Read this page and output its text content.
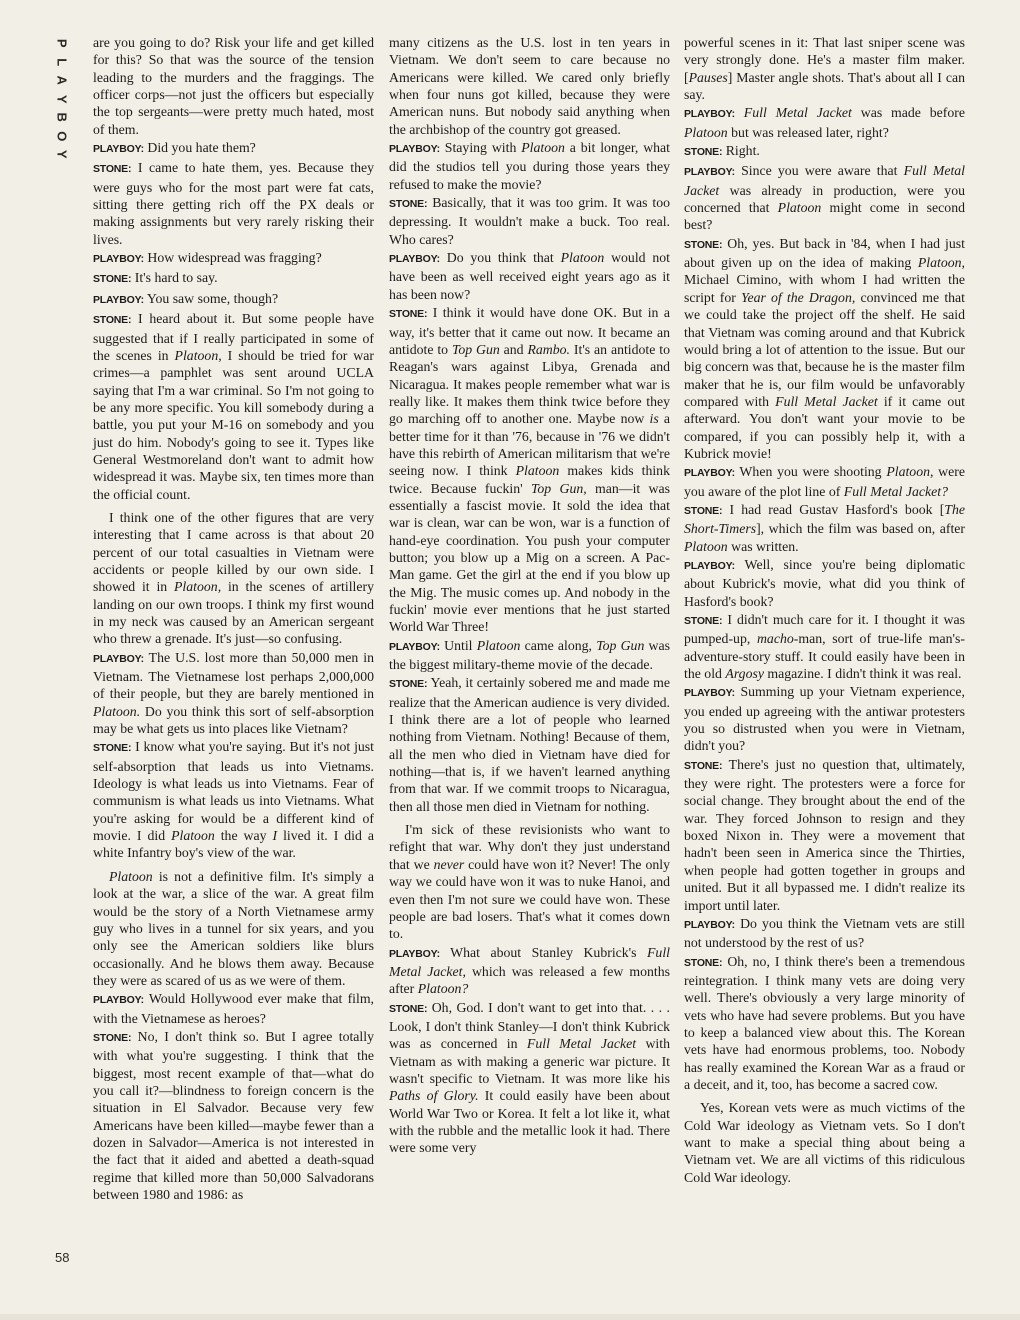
P
L
A
Y
B
O
Y

are you going to do? Risk your life and get killed for this? So that was the source of the tension leading to the murders and the fraggings. The officer corps—not just the officers but especially the top sergeants—were pretty much hated, most of them.

PLAYBOY: Did you hate them?

STONE: I came to hate them, yes. Because they were guys who for the most part were fat cats, sitting there getting rich off the PX deals or making assignments but very rarely risking their lives.

PLAYBOY: How widespread was fragging?

STONE: It's hard to say.

PLAYBOY: You saw some, though?

STONE: I heard about it. But some people have suggested that if I really participated in some of the scenes in Platoon, I should be tried for war crimes—a pamphlet was sent around UCLA saying that I'm a war criminal. So I'm not going to be any more specific. You kill somebody during a battle, you put your M-16 on somebody and you just do him. Nobody's going to see it. Types like General Westmoreland don't want to admit how widespread it was. Maybe six, ten times more than the official count.

I think one of the other figures that are very interesting that I came across is that about 20 percent of our total casualties in Vietnam were accidents or people killed by our own side. I showed it in Platoon, in the scenes of artillery landing on our own troops. I think my first wound in my neck was caused by an American sergeant who threw a grenade. It's just—so confusing.

PLAYBOY: The U.S. lost more than 50,000 men in Vietnam. The Vietnamese lost perhaps 2,000,000 of their people, but they are barely mentioned in Platoon. Do you think this sort of self-absorption may be what gets us into places like Vietnam?

STONE: I know what you're saying. But it's not just self-absorption that leads us into Vietnams. Ideology is what leads us into Vietnams. Fear of communism is what leads us into Vietnams. What you're asking for would be a different kind of movie. I did Platoon the way I lived it. I did a white Infantry boy's view of the war.

Platoon is not a definitive film. It's simply a look at the war, a slice of the war. A great film would be the story of a North Vietnamese army guy who lives in a tunnel for six years, and you only see the American soldiers like blurs occasionally. And he blows them away. Because they were as scared of us as we were of them.

PLAYBOY: Would Hollywood ever make that film, with the Vietnamese as heroes?

STONE: No, I don't think so. But I agree totally with what you're suggesting. I think that the biggest, most recent example of that—what do you call it?—blindness to foreign concern is the situation in El Salvador. Because very few Americans have been killed—maybe fewer than a dozen in Salvador—America is not interested in the fact that it aided and abetted a death-squad regime that killed more than 50,000 Salvadorans between 1980 and 1986: as

many citizens as the U.S. lost in ten years in Vietnam. We don't seem to care because no Americans were killed. We cared only briefly when four nuns got killed, because they were American nuns. But nobody said anything when the archbishop of the country got greased.

PLAYBOY: Staying with Platoon a bit longer, what did the studios tell you during those years they refused to make the movie?

STONE: Basically, that it was too grim. It was too depressing. It wouldn't make a buck. Too real. Who cares?

PLAYBOY: Do you think that Platoon would not have been as well received eight years ago as it has been now?

STONE: I think it would have done OK. But in a way, it's better that it came out now. It became an antidote to Top Gun and Rambo. It's an antidote to Reagan's wars against Libya, Grenada and Nicaragua. It makes people remember what war is really like. It makes them think twice before they go marching off to another one. Maybe now is a better time for it than '76, because in '76 we didn't have this rebirth of American militarism that we're seeing now. I think Platoon makes kids think twice. Because fuckin' Top Gun, man—it was essentially a fascist movie. It sold the idea that war is clean, war can be won, war is a function of hand-eye coordination. You push your computer button; you blow up a Mig on a screen. A Pac-Man game. Get the girl at the end if you blow up the Mig. The music comes up. And nobody in the fuckin' movie ever mentions that he just started World War Three!

PLAYBOY: Until Platoon came along, Top Gun was the biggest military-theme movie of the decade.

STONE: Yeah, it certainly sobered me and made me realize that the American audience is very divided. I think there are a lot of people who learned nothing from Vietnam. Nothing! Because of them, all the men who died in Vietnam have died for nothing—that is, if we haven't learned anything from that war. If we commit troops to Nicaragua, then all those men died in Vietnam for nothing.

I'm sick of these revisionists who want to refight that war. Why don't they just understand that we never could have won it? Never! The only way we could have won it was to nuke Hanoi, and even then I'm not sure we could have won. These people are bad losers. That's what it comes down to.

PLAYBOY: What about Stanley Kubrick's Full Metal Jacket, which was released a few months after Platoon?

STONE: Oh, God. I don't want to get into that. . . . Look, I don't think Stanley—I don't think Kubrick was as concerned in Full Metal Jacket with Vietnam as with making a generic war picture. It wasn't specific to Vietnam. It was more like his Paths of Glory. It could easily have been about World War Two or Korea. It felt a lot like it, what with the rubble and the metallic look it had. There were some very

powerful scenes in it: That last sniper scene was very strongly done. He's a master film maker. [Pauses] Master angle shots. That's about all I can say.

PLAYBOY: Full Metal Jacket was made before Platoon but was released later, right?

STONE: Right.

PLAYBOY: Since you were aware that Full Metal Jacket was already in production, were you concerned that Platoon might come in second best?

STONE: Oh, yes. But back in '84, when I had just about given up on the idea of making Platoon, Michael Cimino, with whom I had written the script for Year of the Dragon, convinced me that we could take the project off the shelf. He said that Vietnam was coming around and that Kubrick would bring a lot of attention to the issue. But our big concern was that, because he is the master film maker that he is, our film would be unfavorably compared with Full Metal Jacket if it came out afterward. You don't want your movie to be compared, if you can possibly help it, with a Kubrick movie!

PLAYBOY: When you were shooting Platoon, were you aware of the plot line of Full Metal Jacket?

STONE: I had read Gustav Hasford's book [The Short-Timers], which the film was based on, after Platoon was written.

PLAYBOY: Well, since you're being diplomatic about Kubrick's movie, what did you think of Hasford's book?

STONE: I didn't much care for it. I thought it was pumped-up, macho-man, sort of true-life man's-adventure-story stuff. It could easily have been in the old Argosy magazine. I didn't think it was real.

PLAYBOY: Summing up your Vietnam experience, you ended up agreeing with the antiwar protesters you so distrusted when you were in Vietnam, didn't you?

STONE: There's just no question that, ultimately, they were right. The protesters were a force for social change. They brought about the end of the war. They forced Johnson to resign and they boxed Nixon in. They were a movement that hadn't been seen in America since the Thirties, when people had gotten together in groups and united. But it all bypassed me. I didn't realize its import until later.

PLAYBOY: Do you think the Vietnam vets are still not understood by the rest of us?

STONE: Oh, no, I think there's been a tremendous reintegration. I think many vets are doing very well. There's obviously a very large minority of vets who have had severe problems. But you have to keep a balanced view about this. The Korean vets have had enormous problems, too. Nobody has really examined the Korean War as a fraud or a deceit, and it, too, has become a sacred cow.

Yes, Korean vets were as much victims of the Cold War ideology as Vietnam vets. So I don't want to make a special thing about being a Vietnam vet. We are all victims of this ridiculous Cold War ideology.

58
